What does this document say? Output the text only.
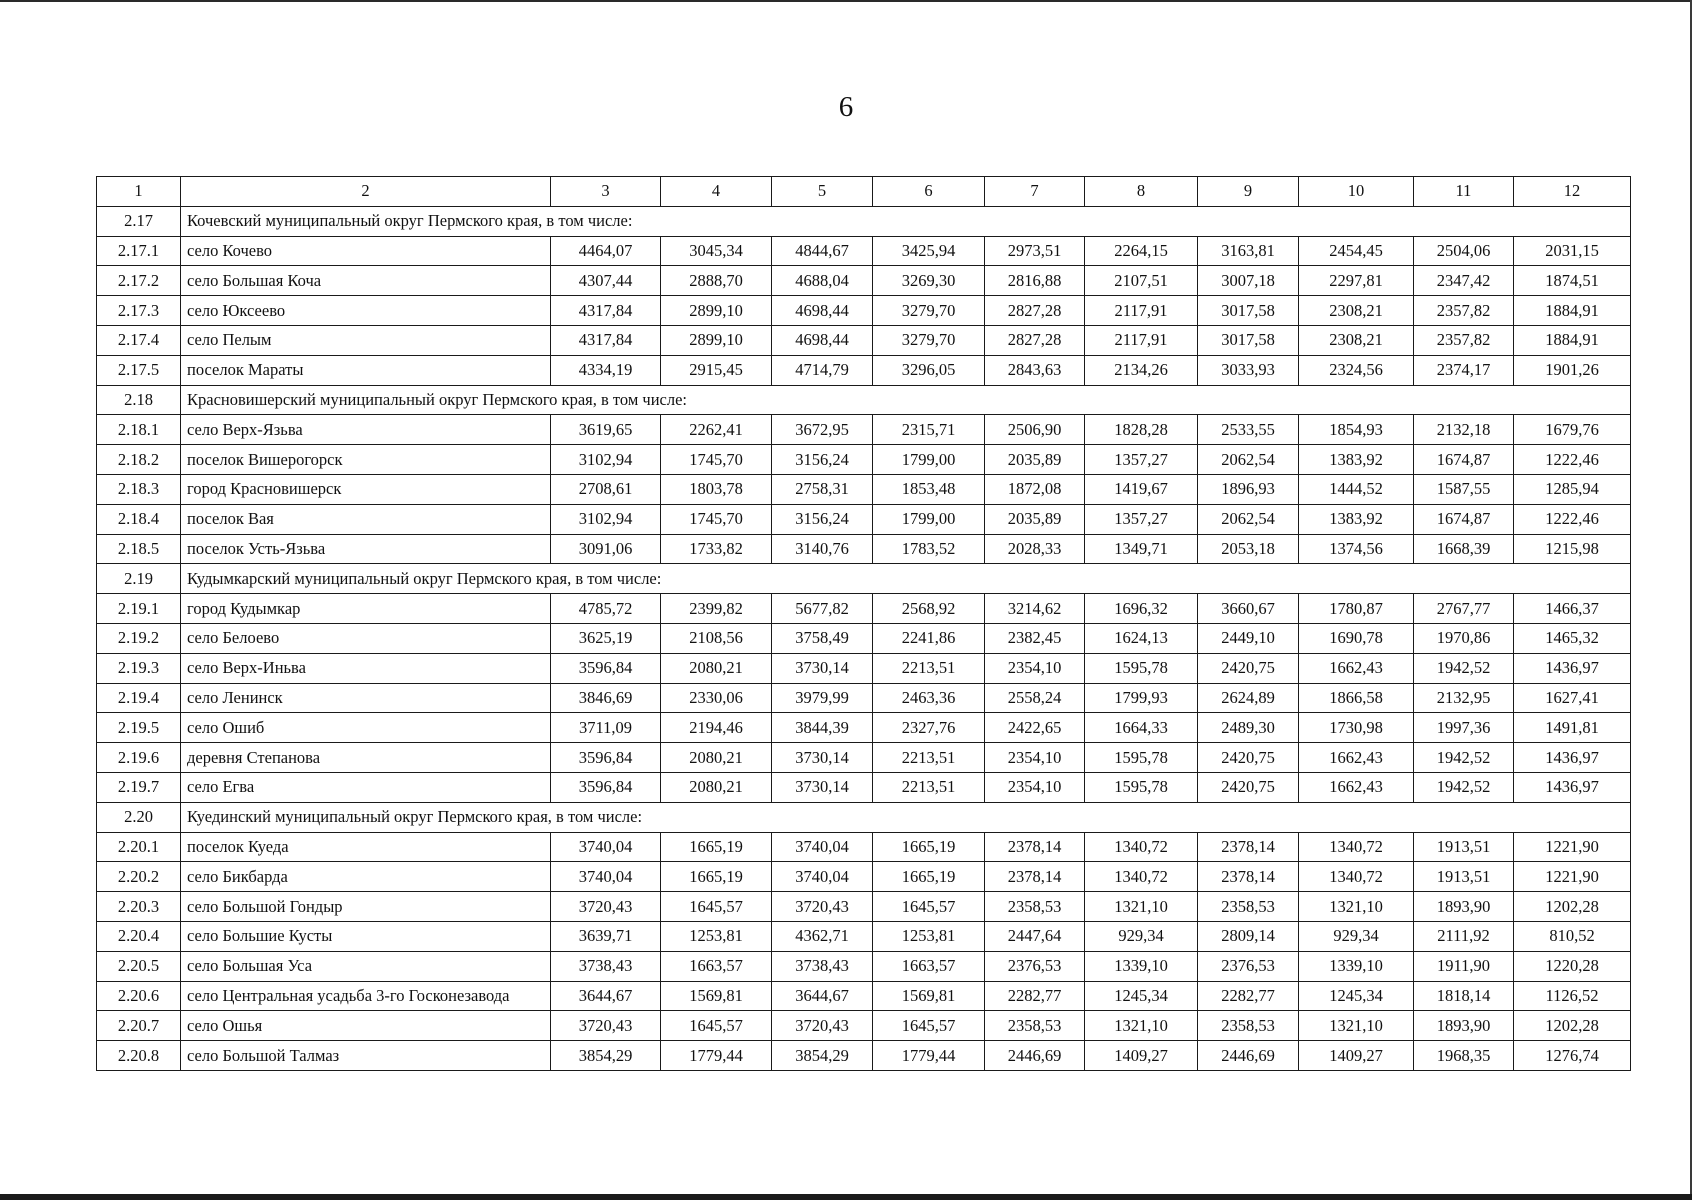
6
1	2	3	4	5	6	7	8	9	10	11	12
2.17	Кочевский муниципальный округ Пермского края, в том числе:										
2.17.1	село Кочево	4464,07	3045,34	4844,67	3425,94	2973,51	2264,15	3163,81	2454,45	2504,06	2031,15
2.17.2	село Большая Коча	4307,44	2888,70	4688,04	3269,30	2816,88	2107,51	3007,18	2297,81	2347,42	1874,51
2.17.3	село Юксеево	4317,84	2899,10	4698,44	3279,70	2827,28	2117,91	3017,58	2308,21	2357,82	1884,91
2.17.4	село Пелым	4317,84	2899,10	4698,44	3279,70	2827,28	2117,91	3017,58	2308,21	2357,82	1884,91
2.17.5	поселок Мараты	4334,19	2915,45	4714,79	3296,05	2843,63	2134,26	3033,93	2324,56	2374,17	1901,26
2.18	Красновишерский муниципальный округ Пермского края, в том числе:										
2.18.1	село Верх-Язьва	3619,65	2262,41	3672,95	2315,71	2506,90	1828,28	2533,55	1854,93	2132,18	1679,76
2.18.2	поселок Вишерогорск	3102,94	1745,70	3156,24	1799,00	2035,89	1357,27	2062,54	1383,92	1674,87	1222,46
2.18.3	город Красновишерск	2708,61	1803,78	2758,31	1853,48	1872,08	1419,67	1896,93	1444,52	1587,55	1285,94
2.18.4	поселок Вая	3102,94	1745,70	3156,24	1799,00	2035,89	1357,27	2062,54	1383,92	1674,87	1222,46
2.18.5	поселок Усть-Язьва	3091,06	1733,82	3140,76	1783,52	2028,33	1349,71	2053,18	1374,56	1668,39	1215,98
2.19	Кудымкарский муниципальный округ Пермского края, в том числе:										
2.19.1	город Кудымкар	4785,72	2399,82	5677,82	2568,92	3214,62	1696,32	3660,67	1780,87	2767,77	1466,37
2.19.2	село Белоево	3625,19	2108,56	3758,49	2241,86	2382,45	1624,13	2449,10	1690,78	1970,86	1465,32
2.19.3	село Верх-Иньва	3596,84	2080,21	3730,14	2213,51	2354,10	1595,78	2420,75	1662,43	1942,52	1436,97
2.19.4	село Ленинск	3846,69	2330,06	3979,99	2463,36	2558,24	1799,93	2624,89	1866,58	2132,95	1627,41
2.19.5	село Ошиб	3711,09	2194,46	3844,39	2327,76	2422,65	1664,33	2489,30	1730,98	1997,36	1491,81
2.19.6	деревня Степанова	3596,84	2080,21	3730,14	2213,51	2354,10	1595,78	2420,75	1662,43	1942,52	1436,97
2.19.7	село Егва	3596,84	2080,21	3730,14	2213,51	2354,10	1595,78	2420,75	1662,43	1942,52	1436,97
2.20	Куединский муниципальный округ Пермского края, в том числе:										
2.20.1	поселок Куеда	3740,04	1665,19	3740,04	1665,19	2378,14	1340,72	2378,14	1340,72	1913,51	1221,90
2.20.2	село Бикбарда	3740,04	1665,19	3740,04	1665,19	2378,14	1340,72	2378,14	1340,72	1913,51	1221,90
2.20.3	село Большой Гондыр	3720,43	1645,57	3720,43	1645,57	2358,53	1321,10	2358,53	1321,10	1893,90	1202,28
2.20.4	село Большие Кусты	3639,71	1253,81	4362,71	1253,81	2447,64	929,34	2809,14	929,34	2111,92	810,52
2.20.5	село Большая Уса	3738,43	1663,57	3738,43	1663,57	2376,53	1339,10	2376,53	1339,10	1911,90	1220,28
2.20.6	село Центральная усадьба 3-го Госконезавода	3644,67	1569,81	3644,67	1569,81	2282,77	1245,34	2282,77	1245,34	1818,14	1126,52
2.20.7	село Ошья	3720,43	1645,57	3720,43	1645,57	2358,53	1321,10	2358,53	1321,10	1893,90	1202,28
2.20.8	село Большой Талмаз	3854,29	1779,44	3854,29	1779,44	2446,69	1409,27	2446,69	1409,27	1968,35	1276,74
